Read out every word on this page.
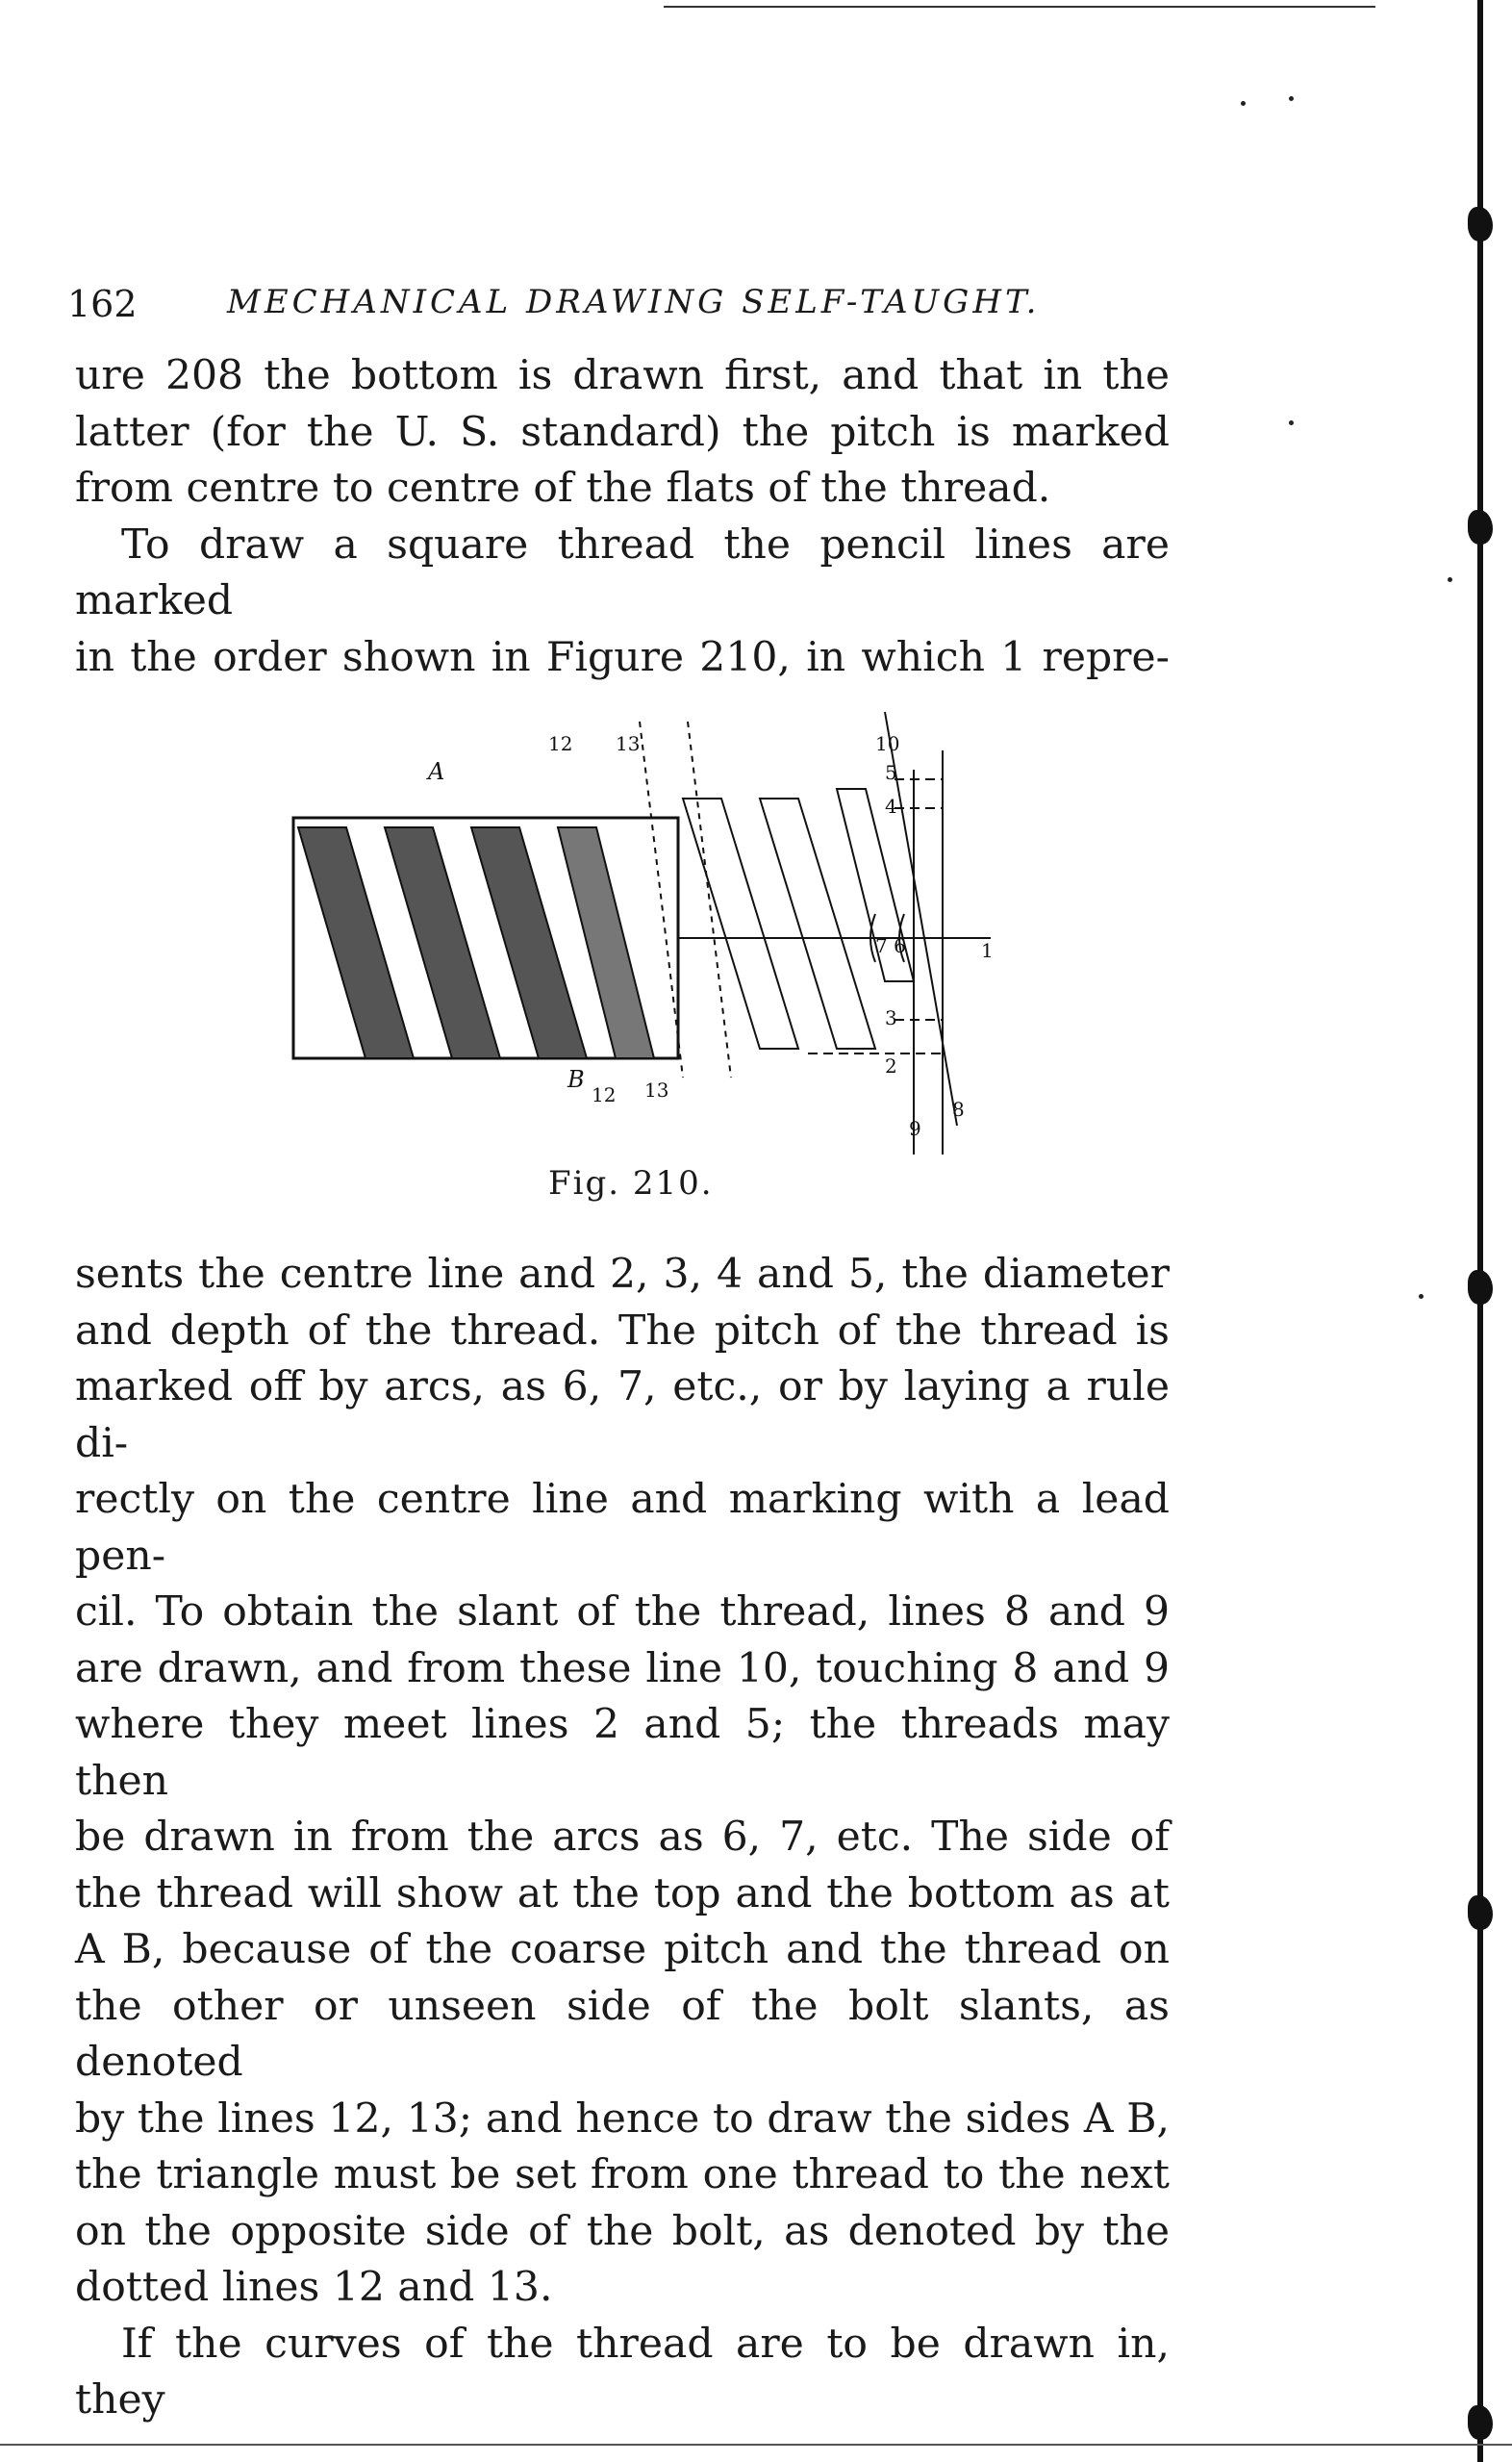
162	MECHANICAL DRAWING SELF-TAUGHT.

ure 208 the bottom is drawn first, and that in the

latter (for the U. S. standard) the pitch is marked

from centre to centre of the flats of the thread.

To draw a square thread the pencil lines are marked

in the order shown in Figure 210, in which 1 repre-

12 13	10
5
4
A
7 6	1
3
2
B
12 13
8
9
Fig. 210.

sents the centre line and 2, 3, 4 and 5, the diameter

and depth of the thread. The pitch of the thread is

marked off by arcs, as 6, 7, etc., or by laying a rule di-

rectly on the centre line and marking with a lead pen-

cil. To obtain the slant of the thread, lines 8 and 9

are drawn, and from these line 10, touching 8 and 9

where they meet lines 2 and 5; the threads may then

be drawn in from the arcs as 6, 7, etc. The side of

the thread will show at the top and the bottom as at

A B, because of the coarse pitch and the thread on

the other or unseen side of the bolt slants, as denoted

by the lines 12, 13; and hence to draw the sides A B,

the triangle must be set from one thread to the next

on the opposite side of the bolt, as denoted by the

dotted lines 12 and 13.

If the curves of the thread are to be drawn in, they
